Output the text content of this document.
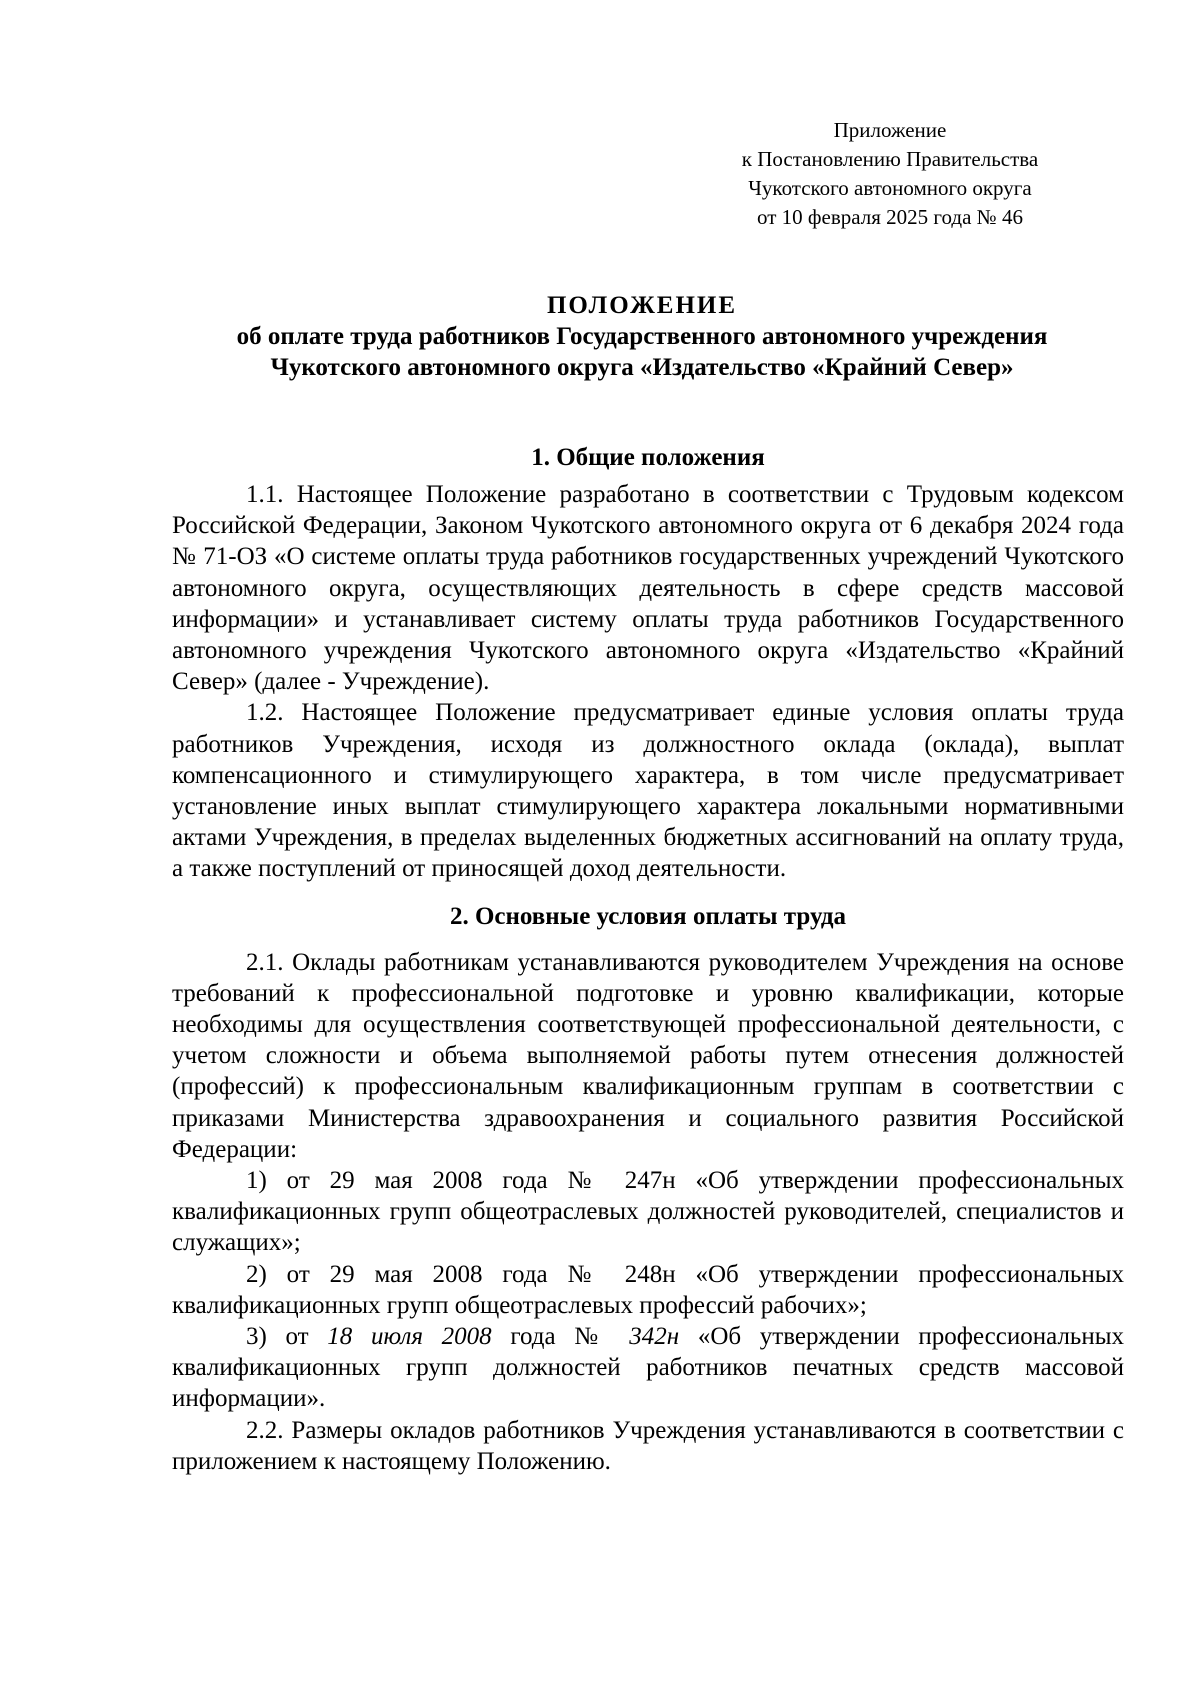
Приложение
к Постановлению Правительства
Чукотского автономного округа
от 10 февраля 2025 года № 46
ПОЛОЖЕНИЕ
об оплате труда работников Государственного автономного учреждения
Чукотского автономного округа «Издательство «Крайний Север»
1. Общие положения

1.1. Настоящее Положение разработано в соответствии с Трудовым кодексом Российской Федерации, Законом Чукотского автономного округа от 6 декабря 2024 года № 71-ОЗ «О системе оплаты труда работников государственных учреждений Чукотского автономного округа, осуществляющих деятельность в сфере средств массовой информации» и устанавливает систему оплаты труда работников Государственного автономного учреждения Чукотского автономного округа «Издательство «Крайний Север» (далее - Учреждение).

1.2. Настоящее Положение предусматривает единые условия оплаты труда работников Учреждения, исходя из должностного оклада (оклада), выплат компенсационного и стимулирующего характера, в том числе предусматривает установление иных выплат стимулирующего характера локальными нормативными актами Учреждения, в пределах выделенных бюджетных ассигнований на оплату труда, а также поступлений от приносящей доход деятельности.

2. Основные условия оплаты труда

2.1. Оклады работникам устанавливаются руководителем Учреждения на основе требований к профессиональной подготовке и уровню квалификации, которые необходимы для осуществления соответствующей профессиональной деятельности, с учетом сложности и объема выполняемой работы путем отнесения должностей (профессий) к профессиональным квалификационным группам в соответствии с приказами Министерства здравоохранения и социального развития Российской Федерации:

1) от 29 мая 2008 года № 247н «Об утверждении профессиональных квалификационных групп общеотраслевых должностей руководителей, специалистов и служащих»;

2) от 29 мая 2008 года № 248н «Об утверждении профессиональных квалификационных групп общеотраслевых профессий рабочих»;

3) от 18 июля 2008 года № 342н «Об утверждении профессиональных квалификационных групп должностей работников печатных средств массовой информации».

2.2. Размеры окладов работников Учреждения устанавливаются в соответствии с приложением к настоящему Положению.
